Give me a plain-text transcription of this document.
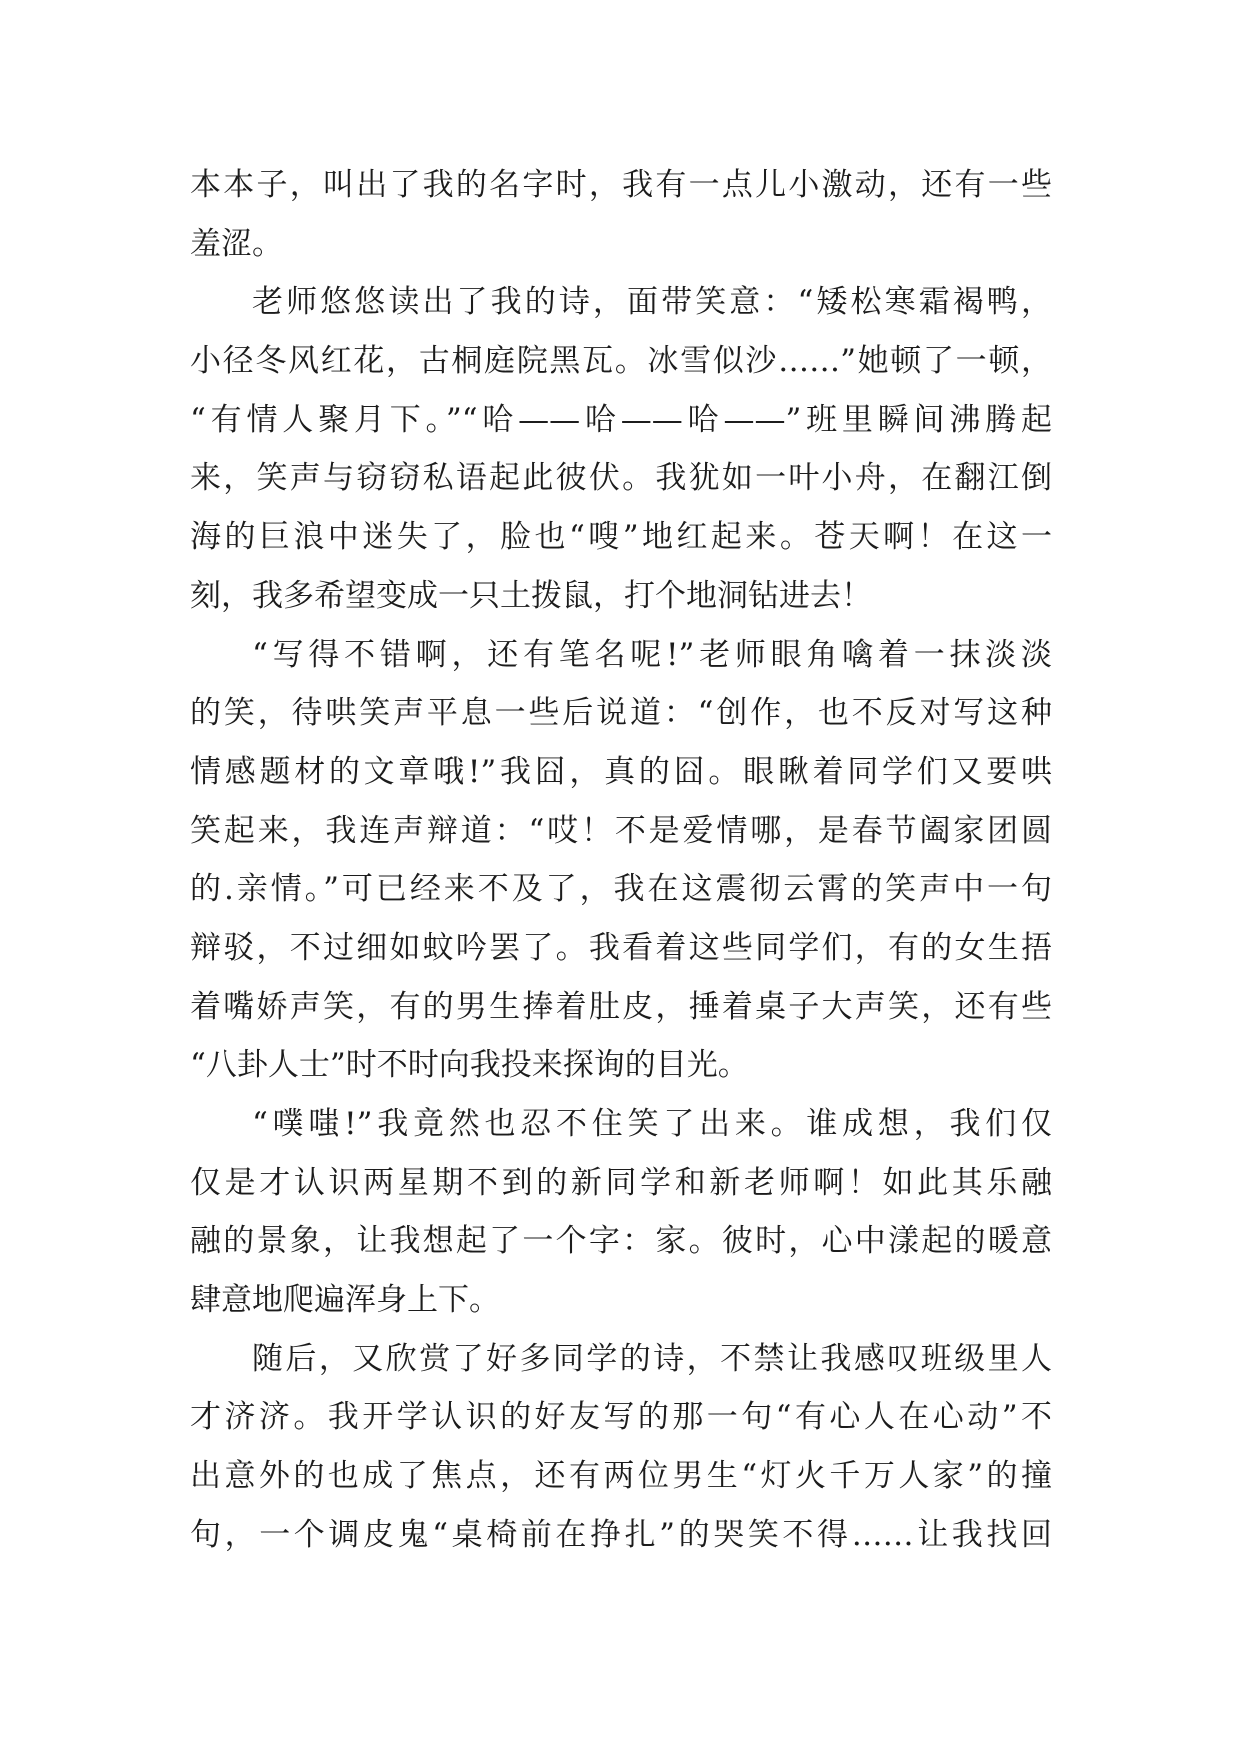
本本子，叫出了我的名字时，我有一点儿小激动，还有一些
羞涩。
老师悠悠读出了我的诗，面带笑意：“矮松寒霜褐鸭，
小径冬风红花，古桐庭院黑瓦。冰雪似沙……”她顿了一顿，
“有情人聚月下。”“哈——哈——哈——”班里瞬间沸腾起
来，笑声与窃窃私语起此彼伏。我犹如一叶小舟，在翻江倒
海的巨浪中迷失了，脸也“嗖”地红起来。苍天啊！在这一
刻，我多希望变成一只土拨鼠，打个地洞钻进去！
“写得不错啊，还有笔名呢!”老师眼角噙着一抹淡淡
的笑，待哄笑声平息一些后说道：“创作，也不反对写这种
情感题材的文章哦!”我囧，真的囧。眼瞅着同学们又要哄
笑起来，我连声辩道：“哎！不是爱情哪，是春节阖家团圆
的.亲情。”可已经来不及了，我在这震彻云霄的笑声中一句
辩驳，不过细如蚊吟罢了。我看着这些同学们，有的女生捂
着嘴娇声笑，有的男生捧着肚皮，捶着桌子大声笑，还有些
“八卦人士”时不时向我投来探询的目光。
“噗嗤!”我竟然也忍不住笑了出来。谁成想，我们仅
仅是才认识两星期不到的新同学和新老师啊！如此其乐融
融的景象，让我想起了一个字：家。彼时，心中漾起的暖意
肆意地爬遍浑身上下。
随后，又欣赏了好多同学的诗，不禁让我感叹班级里人
才济济。我开学认识的好友写的那一句“有心人在心动”不
出意外的也成了焦点，还有两位男生“灯火千万人家”的撞
句，一个调皮鬼“桌椅前在挣扎”的哭笑不得……让我找回
